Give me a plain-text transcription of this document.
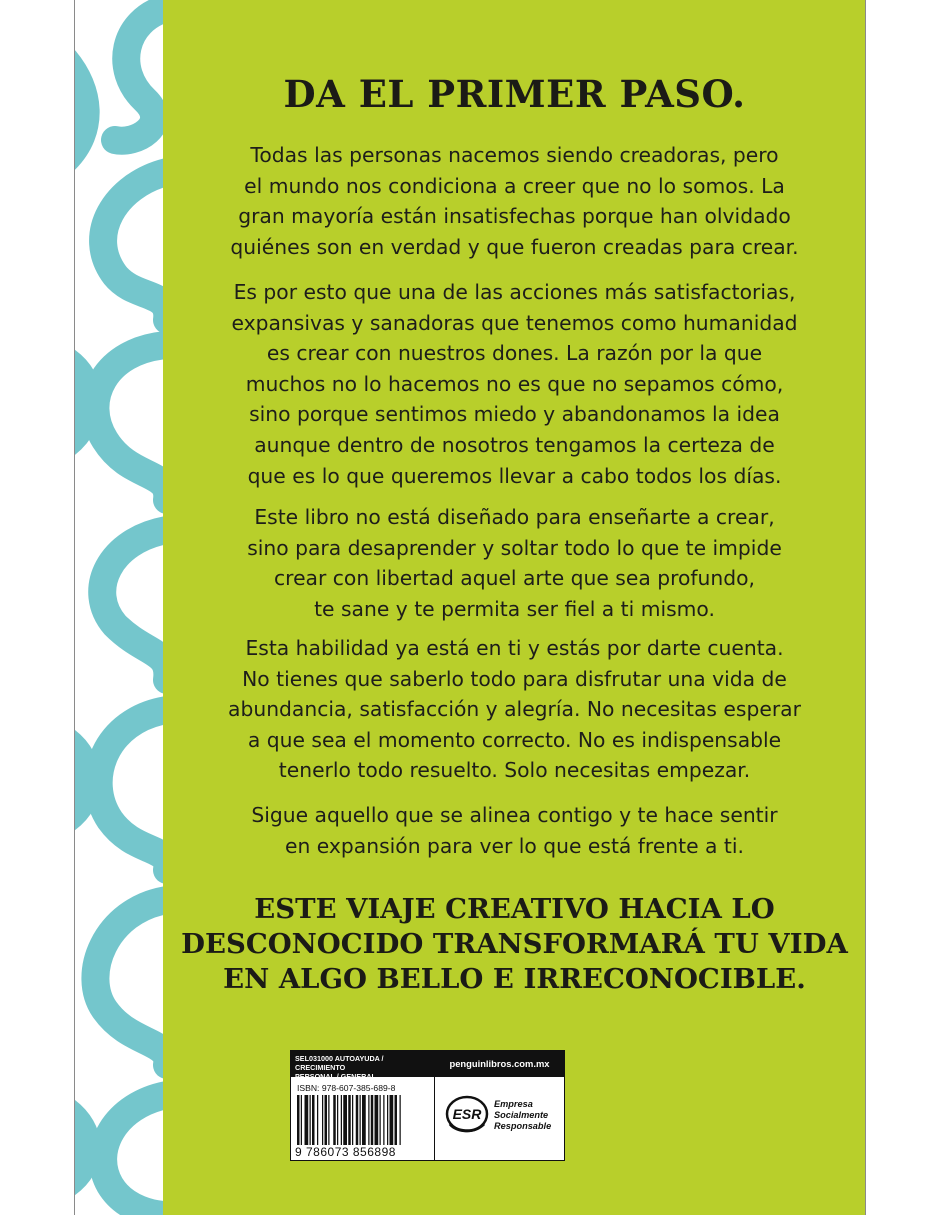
DA EL PRIMER PASO.

Todas las personas nacemos siendo creadoras, pero
el mundo nos condiciona a creer que no lo somos. La
gran mayoría están insatisfechas porque han olvidado
quiénes son en verdad y que fueron creadas para crear.

Es por esto que una de las acciones más satisfactorias,
expansivas y sanadoras que tenemos como humanidad
es crear con nuestros dones. La razón por la que
muchos no lo hacemos no es que no sepamos cómo,
sino porque sentimos miedo y abandonamos la idea
aunque dentro de nosotros tengamos la certeza de
que es lo que queremos llevar a cabo todos los días.

Este libro no está diseñado para enseñarte a crear,
sino para desaprender y soltar todo lo que te impide
crear con libertad aquel arte que sea profundo,
te sane y te permita ser fiel a ti mismo.

Esta habilidad ya está en ti y estás por darte cuenta.
No tienes que saberlo todo para disfrutar una vida de
abundancia, satisfacción y alegría. No necesitas esperar
a que sea el momento correcto. No es indispensable
tenerlo todo resuelto. Solo necesitas empezar.

Sigue aquello que se alinea contigo y te hace sentir
en expansión para ver lo que está frente a ti.

ESTE VIAJE CREATIVO HACIA LO
DESCONOCIDO TRANSFORMARÁ TU VIDA
EN ALGO BELLO E IRRECONOCIBLE.
SEL031000 AUTOAYUDA / CRECIMIENTO
PERSONAL / GENERAL
ISBN: 978-607-385-689-8
9 786073 856898
penguinlibros.com.mx
ESR
Empresa
Socialmente
Responsable
